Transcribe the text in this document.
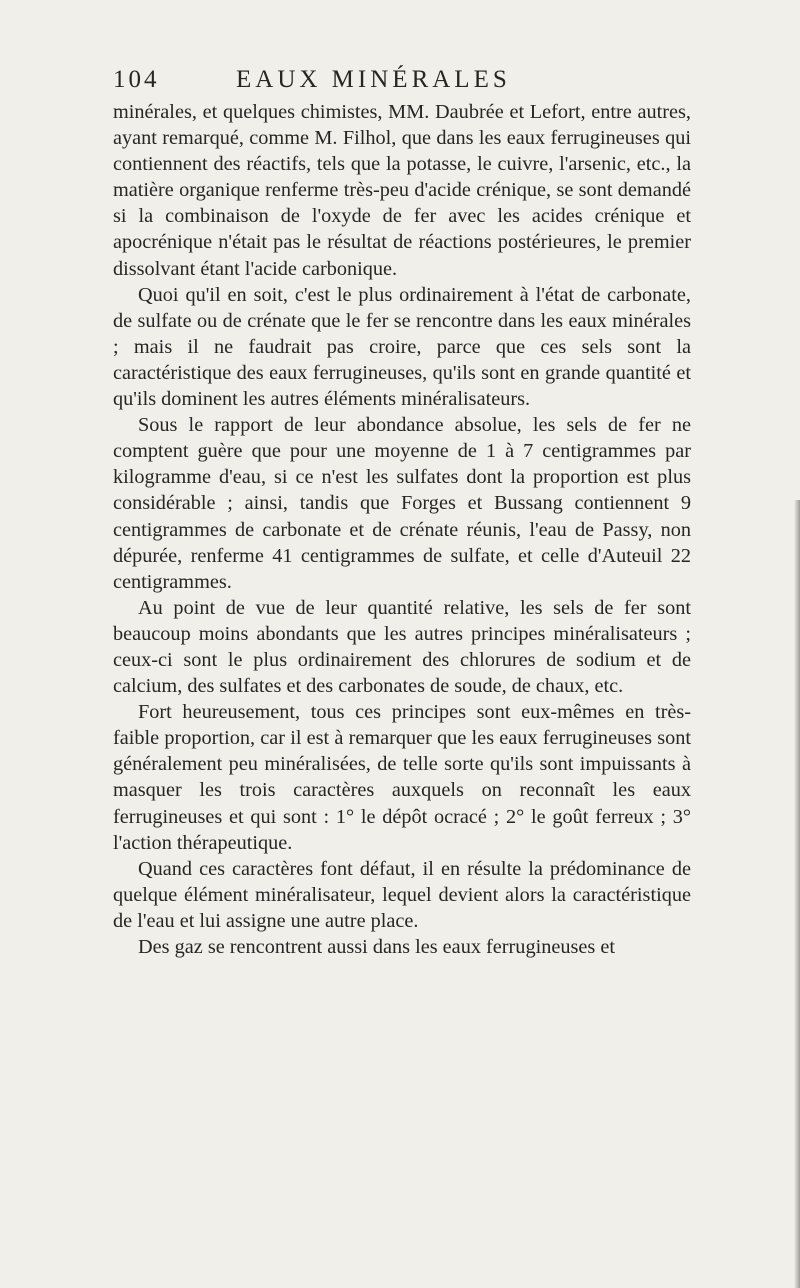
104	EAUX MINÉRALES

minérales, et quelques chimistes, MM. Daubrée et Lefort, entre autres, ayant remarqué, comme M. Filhol, que dans les eaux ferrugineuses qui contiennent des réactifs, tels que la potasse, le cuivre, l'arsenic, etc., la matière organique renferme très-peu d'acide crénique, se sont demandé si la combinaison de l'oxyde de fer avec les acides crénique et apocrénique n'était pas le résultat de réactions postérieures, le premier dissolvant étant l'acide carbonique.

Quoi qu'il en soit, c'est le plus ordinairement à l'état de carbonate, de sulfate ou de crénate que le fer se rencontre dans les eaux minérales ; mais il ne faudrait pas croire, parce que ces sels sont la caractéristique des eaux ferrugineuses, qu'ils sont en grande quantité et qu'ils dominent les autres éléments minéralisateurs.

Sous le rapport de leur abondance absolue, les sels de fer ne comptent guère que pour une moyenne de 1 à 7 centigrammes par kilogramme d'eau, si ce n'est les sulfates dont la proportion est plus considérable ; ainsi, tandis que Forges et Bussang contiennent 9 centigrammes de carbonate et de crénate réunis, l'eau de Passy, non dépurée, renferme 41 centigrammes de sulfate, et celle d'Auteuil 22 centigrammes.

Au point de vue de leur quantité relative, les sels de fer sont beaucoup moins abondants que les autres principes minéralisateurs ; ceux-ci sont le plus ordinairement des chlorures de sodium et de calcium, des sulfates et des carbonates de soude, de chaux, etc.

Fort heureusement, tous ces principes sont eux-mêmes en très-faible proportion, car il est à remarquer que les eaux ferrugineuses sont généralement peu minéralisées, de telle sorte qu'ils sont impuissants à masquer les trois caractères auxquels on reconnaît les eaux ferrugineuses et qui sont : 1° le dépôt ocracé ; 2° le goût ferreux ; 3° l'action thérapeutique.

Quand ces caractères font défaut, il en résulte la prédominance de quelque élément minéralisateur, lequel devient alors la caractéristique de l'eau et lui assigne une autre place.

Des gaz se rencontrent aussi dans les eaux ferrugineuses et
